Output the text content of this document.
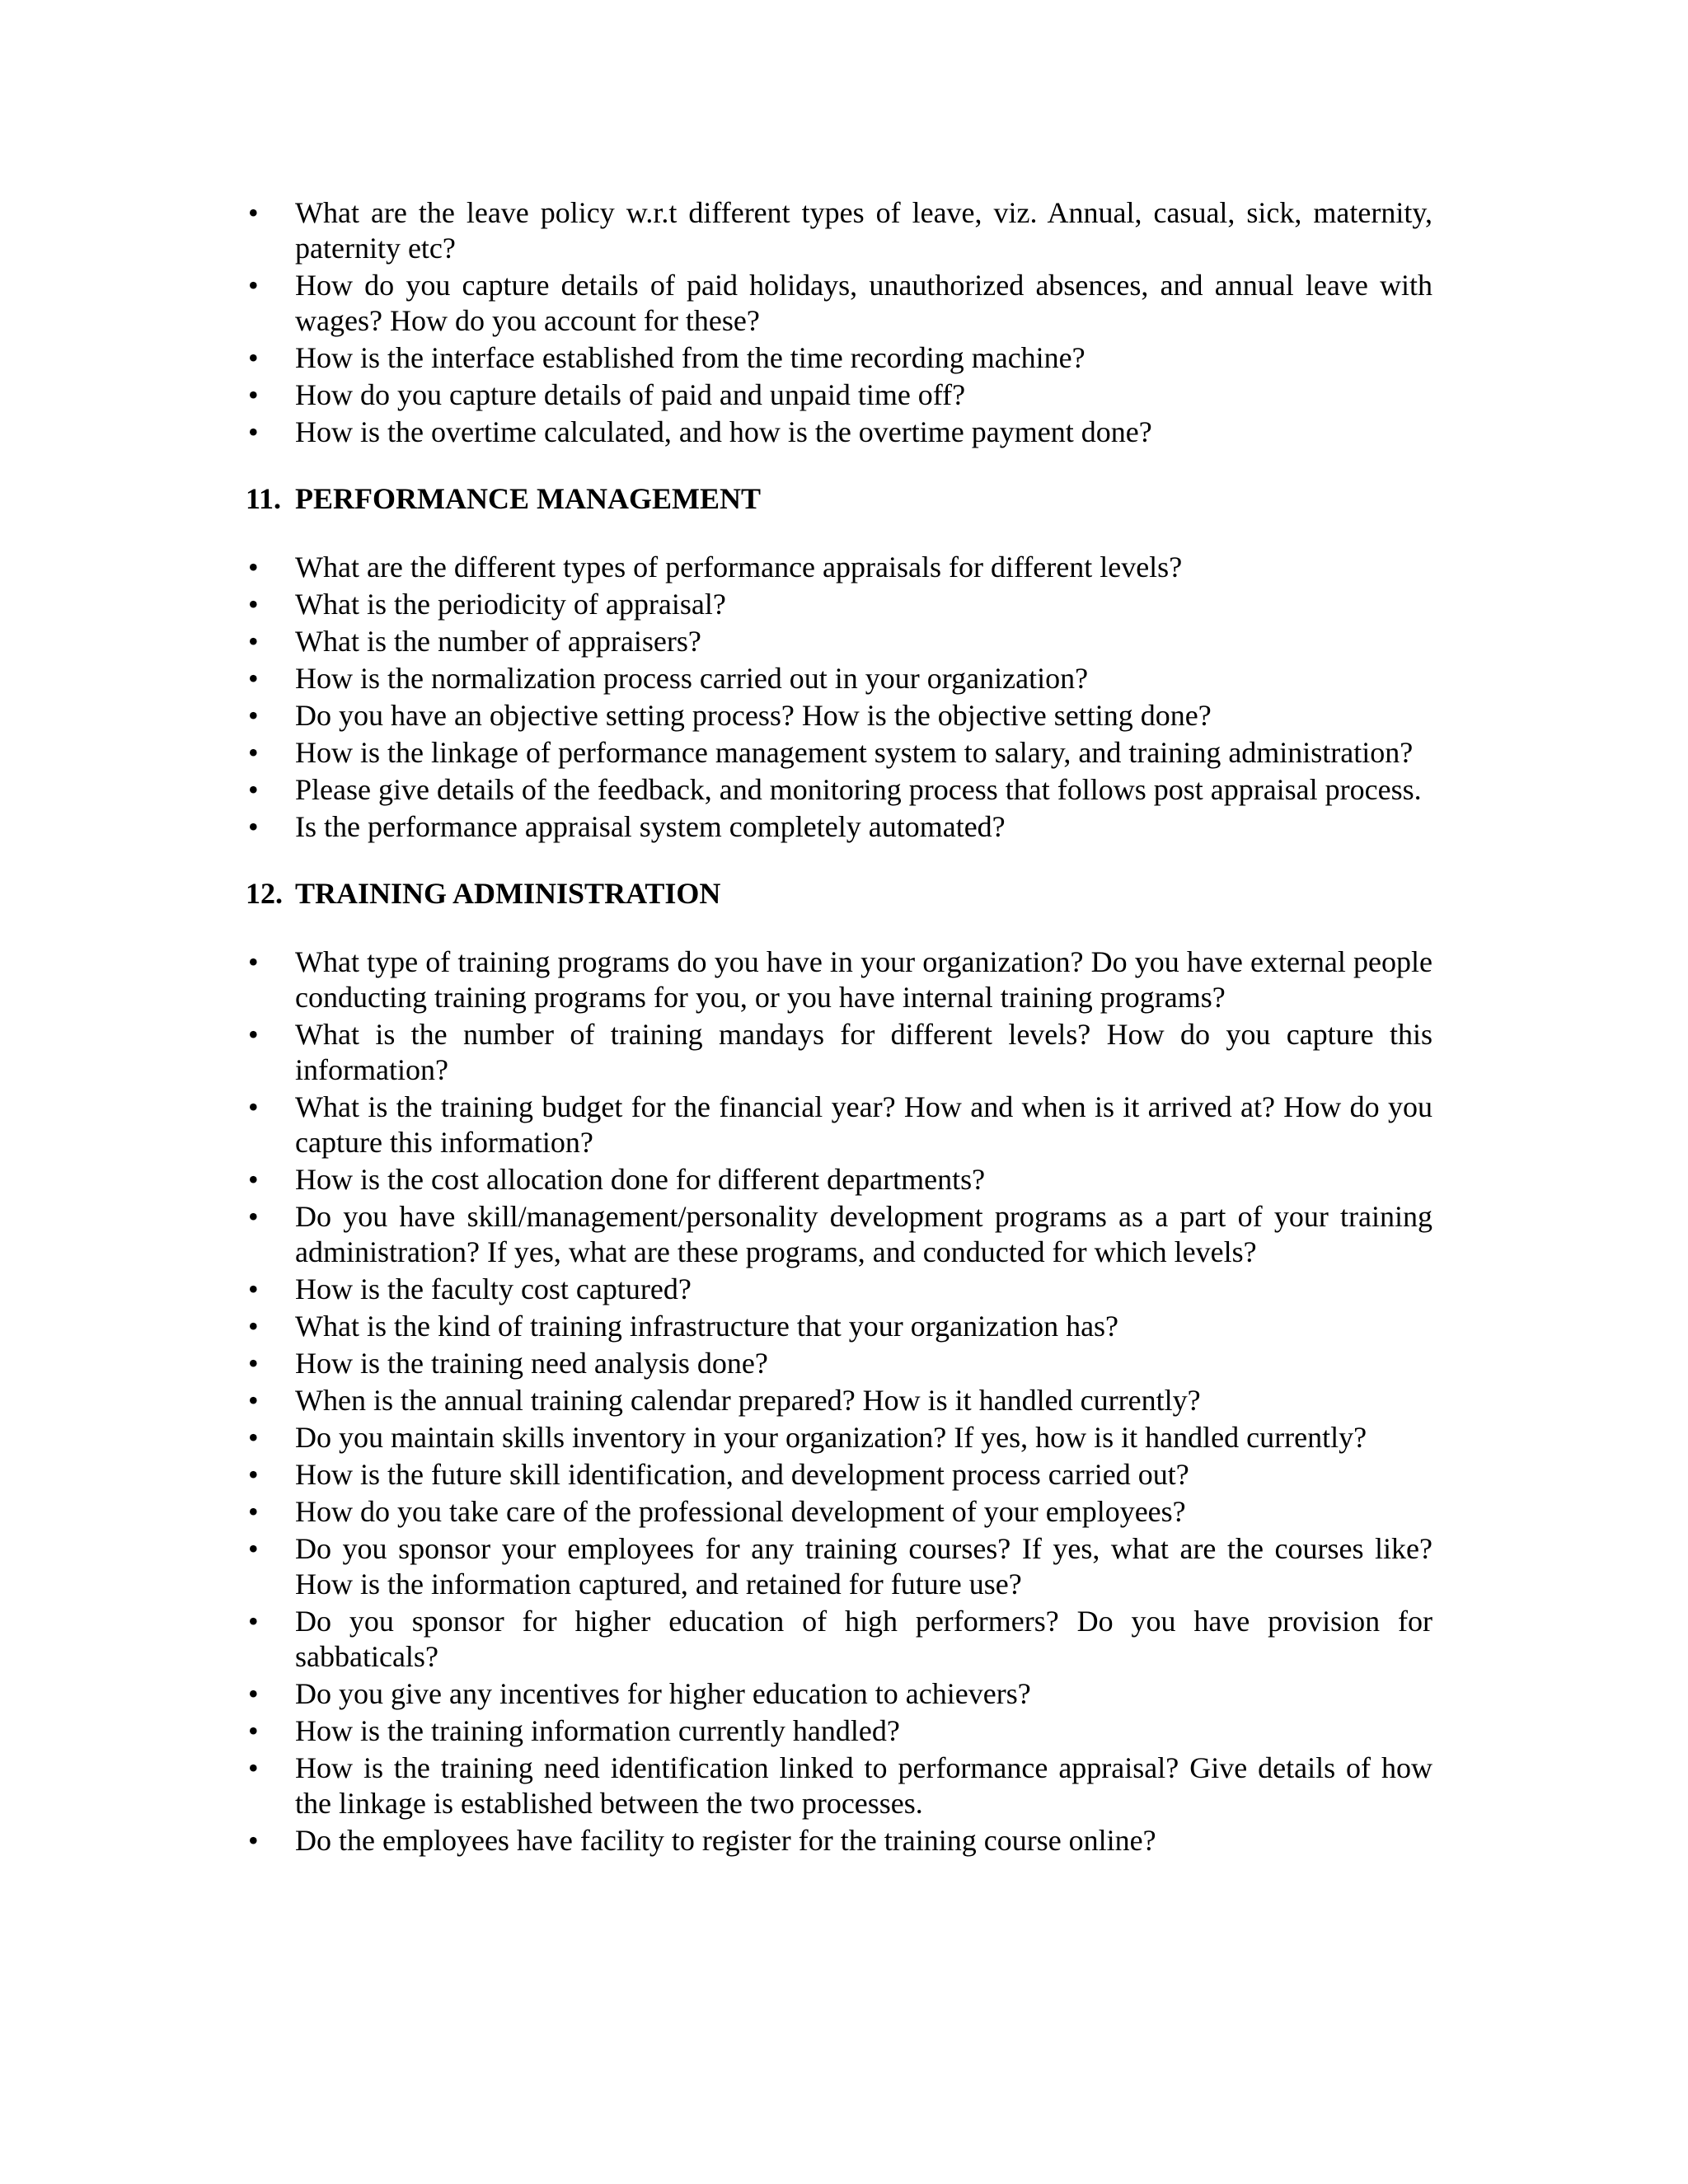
• What are the leave policy w.r.t different types of leave, viz. Annual, casual, sick, maternity, paternity etc?
• How do you capture details of paid holidays, unauthorized absences, and annual leave with wages? How do you account for these?
• How is the interface established from the time recording machine?
• How do you capture details of paid and unpaid time off?
• How is the overtime calculated, and how is the overtime payment done?
11. PERFORMANCE MANAGEMENT
• What are the different types of performance appraisals for different levels?
• What is the periodicity of appraisal?
• What is the number of appraisers?
• How is the normalization process carried out in your organization?
• Do you have an objective setting process? How is the objective setting done?
• How is the linkage of performance management system to salary, and training administration?
• Please give details of the feedback, and monitoring process that follows post appraisal process.
• Is the performance appraisal system completely automated?
12. TRAINING ADMINISTRATION
• What type of training programs do you have in your organization? Do you have external people conducting training programs for you, or you have internal training programs?
• What is the number of training mandays for different levels? How do you capture this information?
• What is the training budget for the financial year? How and when is it arrived at? How do you capture this information?
• How is the cost allocation done for different departments?
• Do you have skill/management/personality development programs as a part of your training administration? If yes, what are these programs, and conducted for which levels?
• How is the faculty cost captured?
• What is the kind of training infrastructure that your organization has?
• How is the training need analysis done?
• When is the annual training calendar prepared? How is it handled currently?
• Do you maintain skills inventory in your organization? If yes, how is it handled currently?
• How is the future skill identification, and development process carried out?
• How do you take care of the professional development of your employees?
• Do you sponsor your employees for any training courses? If yes, what are the courses like? How is the information captured, and retained for future use?
• Do you sponsor for higher education of high performers? Do you have provision for sabbaticals?
• Do you give any incentives for higher education to achievers?
• How is the training information currently handled?
• How is the training need identification linked to performance appraisal? Give details of how the linkage is established between the two processes.
• Do the employees have facility to register for the training course online?
